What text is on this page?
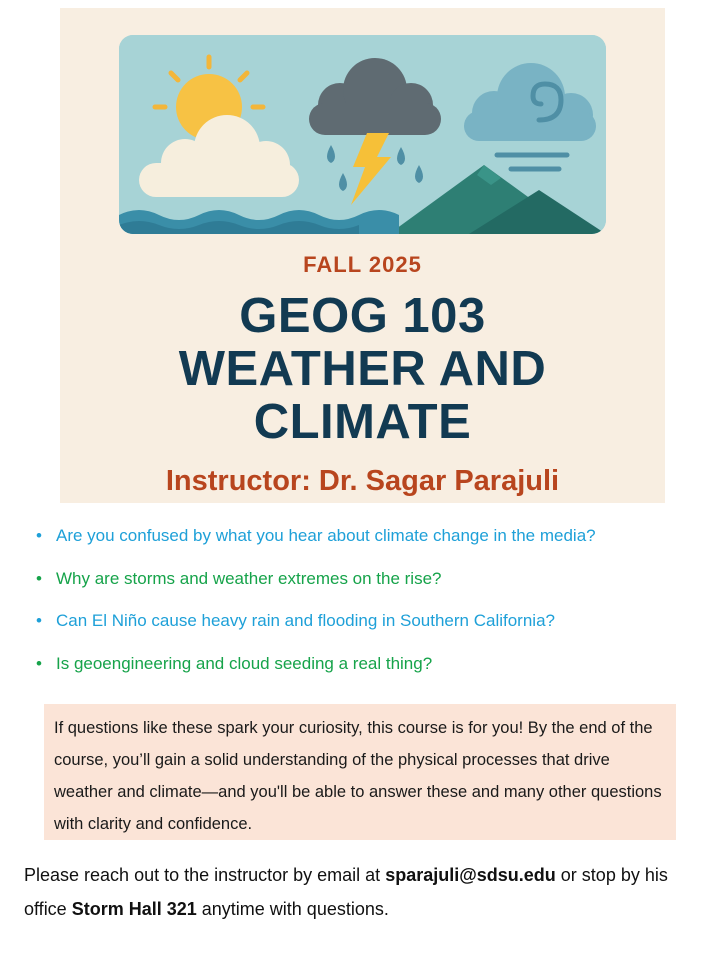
FALL 2025
GEOG 103
WEATHER AND
CLIMATE
Instructor: Dr. Sagar Parajuli
• Are you confused by what you hear about climate change in the media?
• Why are storms and weather extremes on the rise?
• Can El Niño cause heavy rain and flooding in Southern California?
• Is geoengineering and cloud seeding a real thing?
If questions like these spark your curiosity, this course is for you! By the end of the course, you’ll gain a solid understanding of the physical processes that drive weather and climate—and you'll be able to answer these and many other questions with clarity and confidence.
Please reach out to the instructor by email at sparajuli@sdsu.edu or stop by his office Storm Hall 321 anytime with questions.
